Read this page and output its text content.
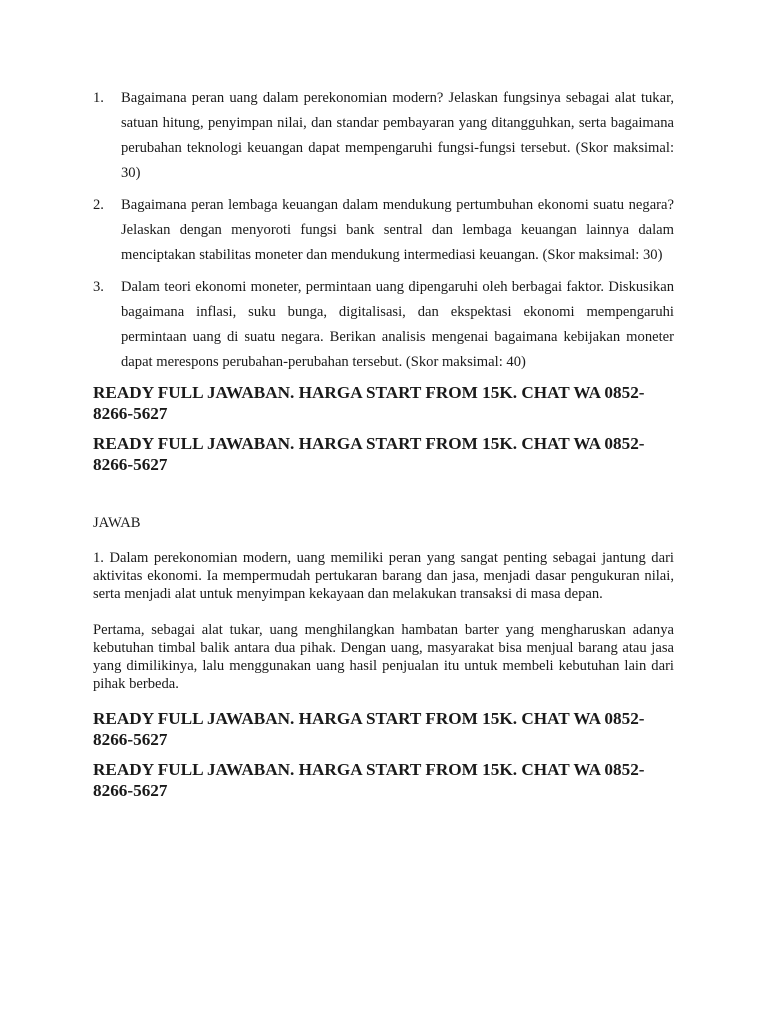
1. Bagaimana peran uang dalam perekonomian modern? Jelaskan fungsinya sebagai alat tukar, satuan hitung, penyimpan nilai, dan standar pembayaran yang ditangguhkan, serta bagaimana perubahan teknologi keuangan dapat mempengaruhi fungsi-fungsi tersebut. (Skor maksimal: 30)
2. Bagaimana peran lembaga keuangan dalam mendukung pertumbuhan ekonomi suatu negara? Jelaskan dengan menyoroti fungsi bank sentral dan lembaga keuangan lainnya dalam menciptakan stabilitas moneter dan mendukung intermediasi keuangan. (Skor maksimal: 30)
3. Dalam teori ekonomi moneter, permintaan uang dipengaruhi oleh berbagai faktor. Diskusikan bagaimana inflasi, suku bunga, digitalisasi, dan ekspektasi ekonomi mempengaruhi permintaan uang di suatu negara. Berikan analisis mengenai bagaimana kebijakan moneter dapat merespons perubahan-perubahan tersebut. (Skor maksimal: 40)

READY FULL JAWABAN. HARGA START FROM 15K. CHAT WA 0852-8266-5627

READY FULL JAWABAN. HARGA START FROM 15K. CHAT WA 0852-8266-5627

JAWAB

1. Dalam perekonomian modern, uang memiliki peran yang sangat penting sebagai jantung dari aktivitas ekonomi. Ia mempermudah pertukaran barang dan jasa, menjadi dasar pengukuran nilai, serta menjadi alat untuk menyimpan kekayaan dan melakukan transaksi di masa depan.

Pertama, sebagai alat tukar, uang menghilangkan hambatan barter yang mengharuskan adanya kebutuhan timbal balik antara dua pihak. Dengan uang, masyarakat bisa menjual barang atau jasa yang dimilikinya, lalu menggunakan uang hasil penjualan itu untuk membeli kebutuhan lain dari pihak berbeda.

READY FULL JAWABAN. HARGA START FROM 15K. CHAT WA 0852-8266-5627

READY FULL JAWABAN. HARGA START FROM 15K. CHAT WA 0852-8266-5627
